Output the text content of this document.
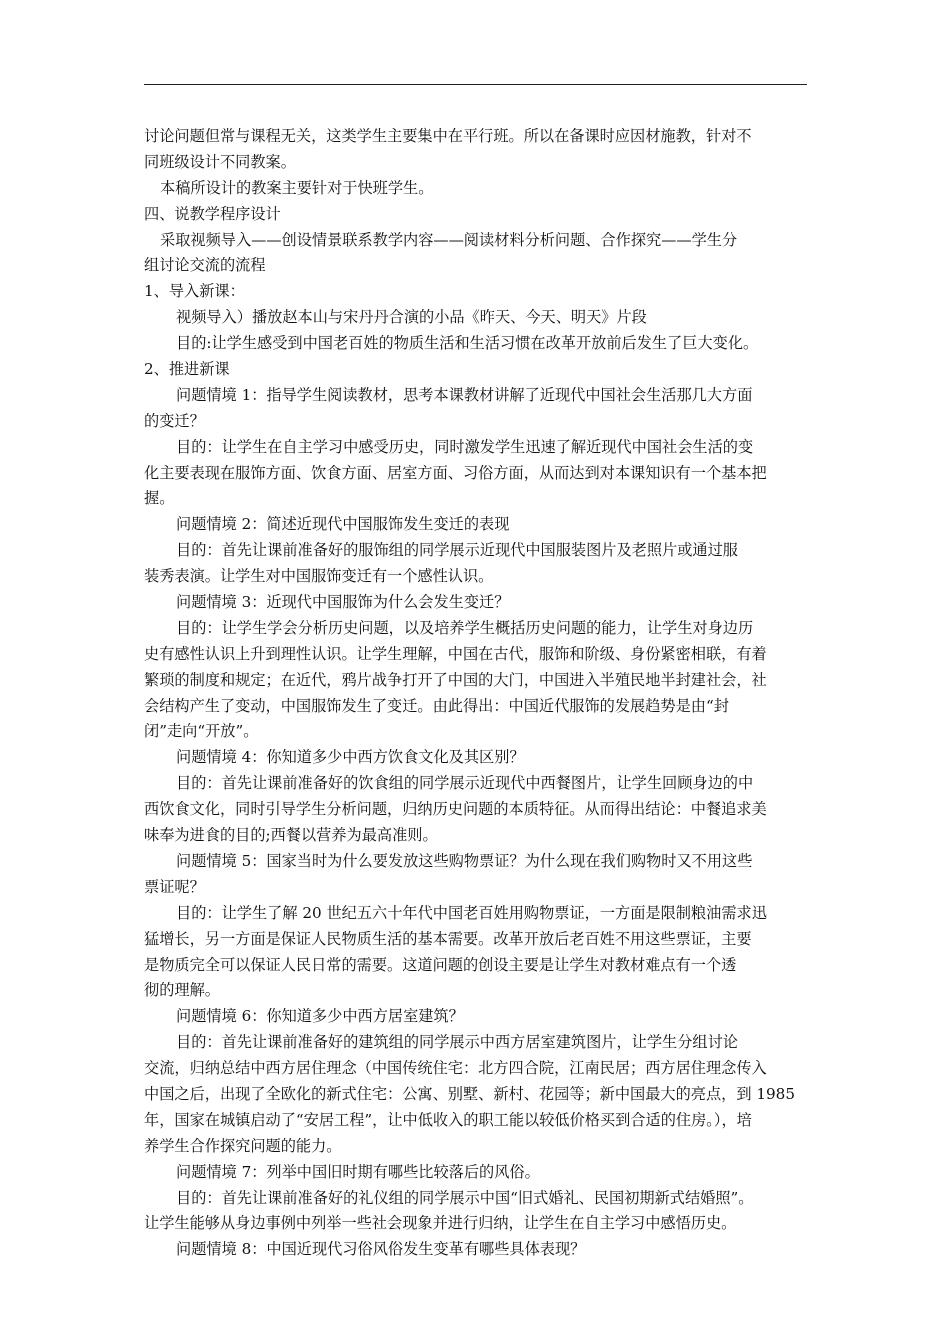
讨论问题但常与课程无关，这类学生主要集中在平行班。所以在备课时应因材施教，针对不
同班级设计不同教案。
本稿所设计的教案主要针对于快班学生。
四、说教学程序设计
采取视频导入——创设情景联系教学内容——阅读材料分析问题、合作探究——学生分
组讨论交流的流程
1、导入新课：
视频导入）播放赵本山与宋丹丹合演的小品《昨天、今天、明天》片段
目的:让学生感受到中国老百姓的物质生活和生活习惯在改革开放前后发生了巨大变化。
2、推进新课
问题情境 1：指导学生阅读教材，思考本课教材讲解了近现代中国社会生活那几大方面
的变迁？
目的：让学生在自主学习中感受历史，同时激发学生迅速了解近现代中国社会生活的变
化主要表现在服饰方面、饮食方面、居室方面、习俗方面，从而达到对本课知识有一个基本把
握。
问题情境 2：简述近现代中国服饰发生变迁的表现
目的：首先让课前准备好的服饰组的同学展示近现代中国服装图片及老照片或通过服
装秀表演。让学生对中国服饰变迁有一个感性认识。
问题情境 3：近现代中国服饰为什么会发生变迁？
目的：让学生学会分析历史问题，以及培养学生概括历史问题的能力，让学生对身边历
史有感性认识上升到理性认识。让学生理解，中国在古代，服饰和阶级、身份紧密相联，有着
繁琐的制度和规定；在近代，鸦片战争打开了中国的大门，中国进入半殖民地半封建社会，社
会结构产生了变动，中国服饰发生了变迁。由此得出：中国近代服饰的发展趋势是由“封
闭”走向“开放”。
问题情境 4：你知道多少中西方饮食文化及其区别？
目的：首先让课前准备好的饮食组的同学展示近现代中西餐图片，让学生回顾身边的中
西饮食文化，同时引导学生分析问题，归纳历史问题的本质特征。从而得出结论：中餐追求美
味奉为进食的目的;西餐以营养为最高准则。
问题情境 5：国家当时为什么要发放这些购物票证？为什么现在我们购物时又不用这些
票证呢？
目的：让学生了解 20 世纪五六十年代中国老百姓用购物票证，一方面是限制粮油需求迅
猛增长，另一方面是保证人民物质生活的基本需要。改革开放后老百姓不用这些票证，主要
是物质完全可以保证人民日常的需要。这道问题的创设主要是让学生对教材难点有一个透
彻的理解。
问题情境 6：你知道多少中西方居室建筑？
目的：首先让课前准备好的建筑组的同学展示中西方居室建筑图片，让学生分组讨论
交流，归纳总结中西方居住理念（中国传统住宅：北方四合院，江南民居；西方居住理念传入
中国之后，出现了全欧化的新式住宅：公寓、别墅、新村、花园等；新中国最大的亮点，到 1985
年，国家在城镇启动了“安居工程”，让中低收入的职工能以较低价格买到合适的住房。），培
养学生合作探究问题的能力。
问题情境 7：列举中国旧时期有哪些比较落后的风俗。
目的：首先让课前准备好的礼仪组的同学展示中国“旧式婚礼、民国初期新式结婚照”。
让学生能够从身边事例中列举一些社会现象并进行归纳，让学生在自主学习中感悟历史。
问题情境 8：中国近现代习俗风俗发生变革有哪些具体表现？
